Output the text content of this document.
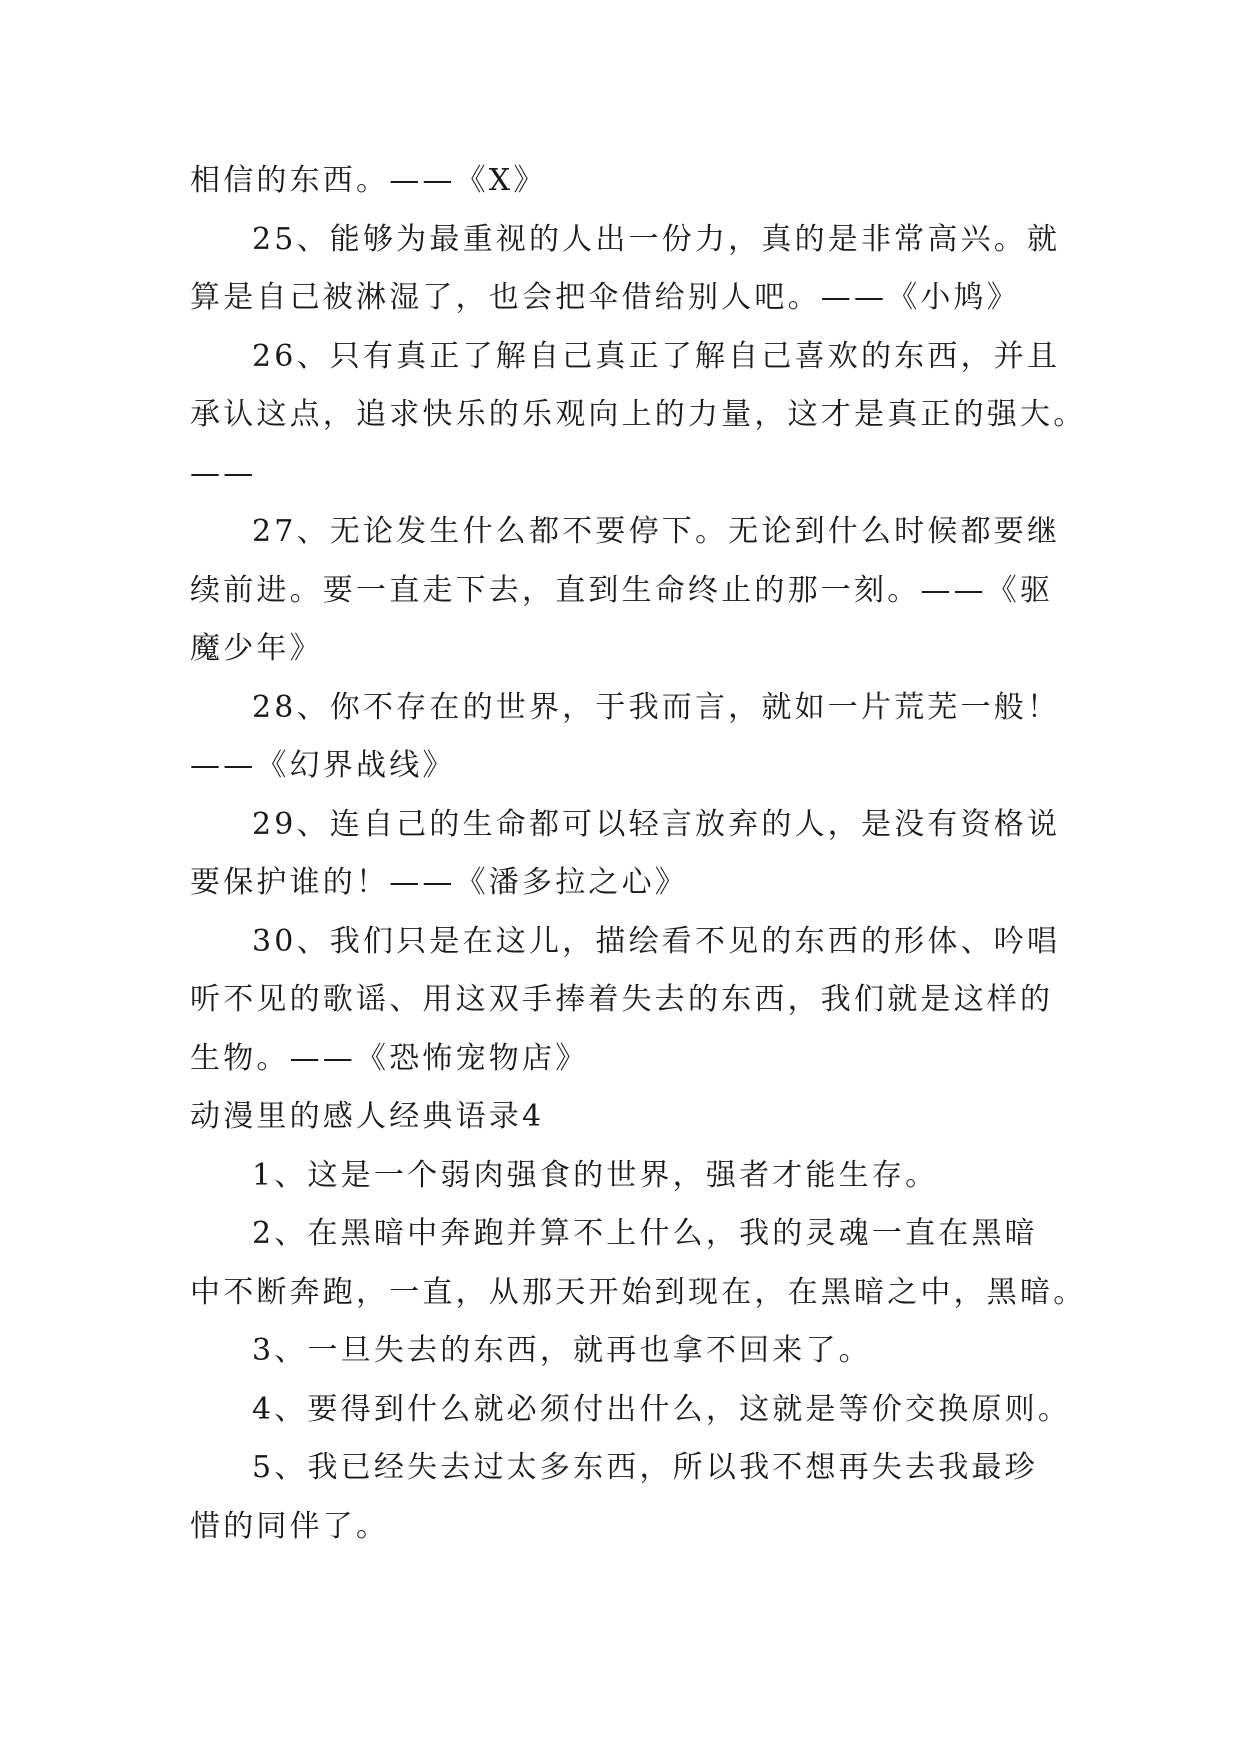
相信的东西。——《X》
25、能够为最重视的人出一份力，真的是非常高兴。就
算是自己被淋湿了，也会把伞借给别人吧。——《小鸠》
26、只有真正了解自己真正了解自己喜欢的东西，并且
承认这点，追求快乐的乐观向上的力量，这才是真正的强大。
——
27、无论发生什么都不要停下。无论到什么时候都要继
续前进。要一直走下去，直到生命终止的那一刻。——《驱
魔少年》
28、你不存在的世界，于我而言，就如一片荒芜一般！
——《幻界战线》
29、连自己的生命都可以轻言放弃的人，是没有资格说
要保护谁的！——《潘多拉之心》
30、我们只是在这儿，描绘看不见的东西的形体、吟唱
听不见的歌谣、用这双手捧着失去的东西，我们就是这样的
生物。——《恐怖宠物店》
动漫里的感人经典语录4
1、这是一个弱肉强食的世界，强者才能生存。
2、在黑暗中奔跑并算不上什么，我的灵魂一直在黑暗
中不断奔跑，一直，从那天开始到现在，在黑暗之中，黑暗。
3、一旦失去的东西，就再也拿不回来了。
4、要得到什么就必须付出什么，这就是等价交换原则。
5、我已经失去过太多东西，所以我不想再失去我最珍
惜的同伴了。
